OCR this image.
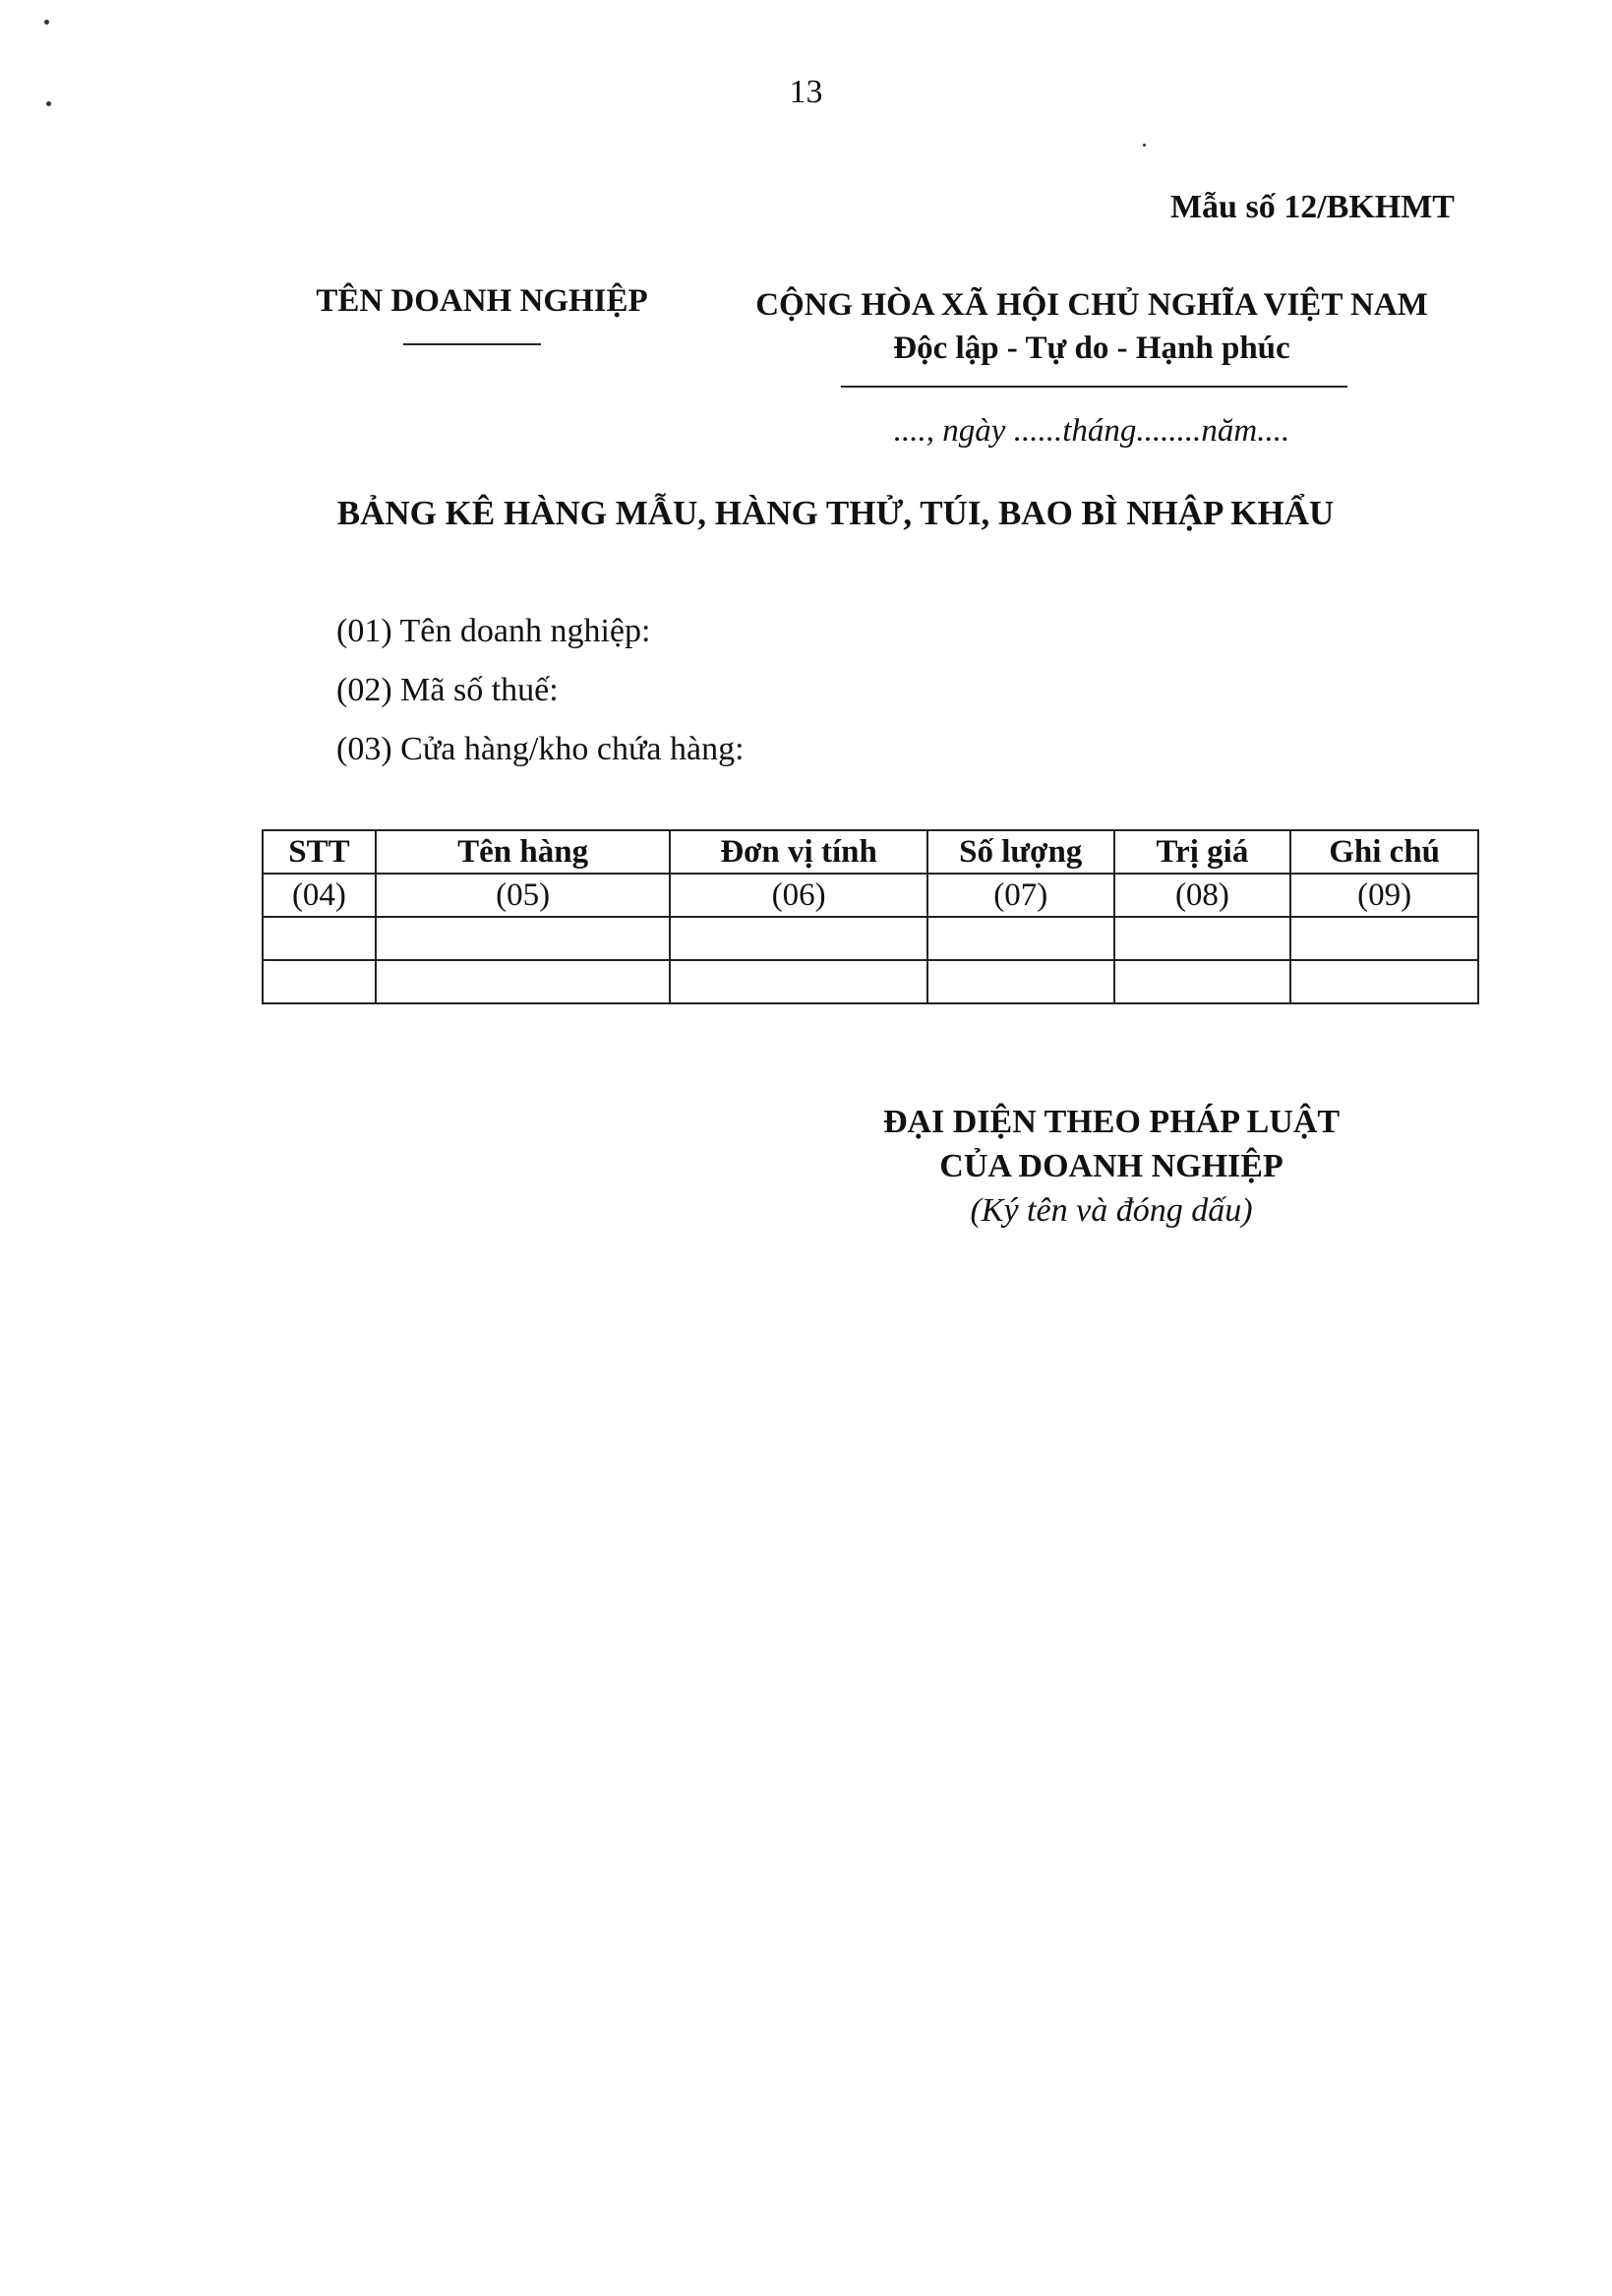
13
Mẫu số 12/BKHMT
TÊN DOANH NGHIỆP	CỘNG HÒA XÃ HỘI CHỦ NGHĨA VIỆT NAM
Độc lập - Tự do - Hạnh phúc
...., ngày ......tháng........năm....
BẢNG KÊ HÀNG MẪU, HÀNG THỬ, TÚI, BAO BÌ NHẬP KHẨU
(01) Tên doanh nghiệp:
(02) Mã số thuế:
(03) Cửa hàng/kho chứa hàng:
STT	Tên hàng	Đơn vị tính	Số lượng	Trị giá	Ghi chú
(04)	(05)	(06)	(07)	(08)	(09)

ĐẠI DIỆN THEO PHÁP LUẬT
CỦA DOANH NGHIỆP
(Ký tên và đóng dấu)
